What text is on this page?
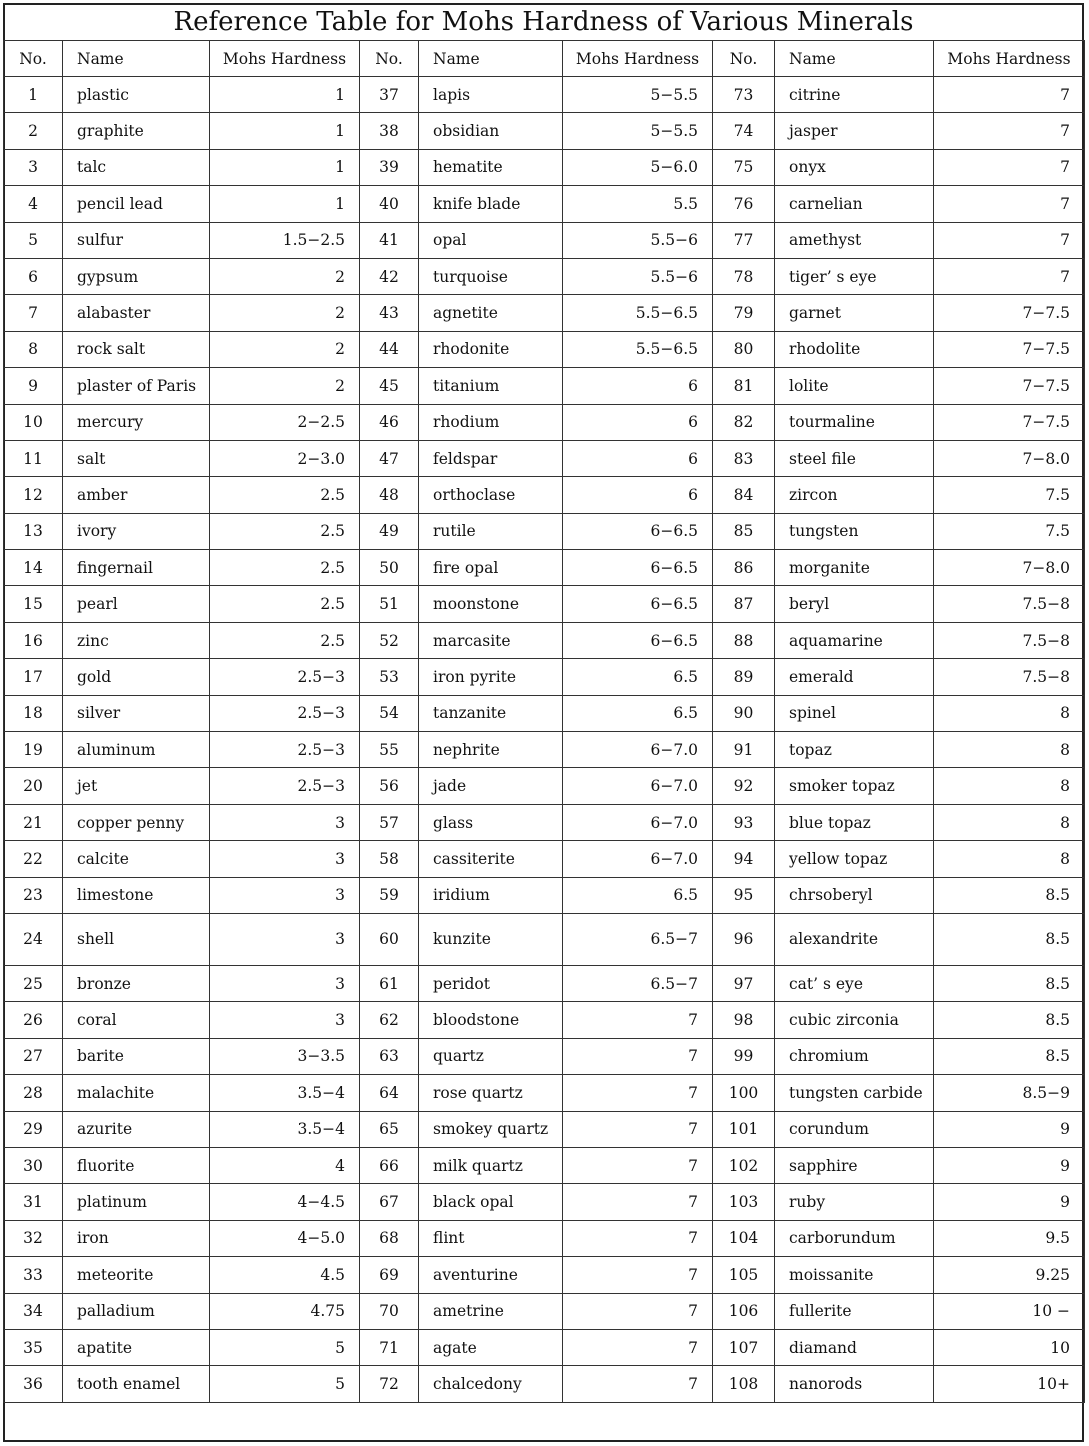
Reference Table for Mohs Hardness of Various Minerals
No.	Name	Mohs Hardness	No.	Name	Mohs Hardness	No.	Name	Mohs Hardness
1	plastic	1	37	lapis	5−5.5	73	citrine	7
2	graphite	1	38	obsidian	5−5.5	74	jasper	7
3	talc	1	39	hematite	5−6.0	75	onyx	7
4	pencil lead	1	40	knife blade	5.5	76	carnelian	7
5	sulfur	1.5−2.5	41	opal	5.5−6	77	amethyst	7
6	gypsum	2	42	turquoise	5.5−6	78	tiger’ s eye	7
7	alabaster	2	43	agnetite	5.5−6.5	79	garnet	7−7.5
8	rock salt	2	44	rhodonite	5.5−6.5	80	rhodolite	7−7.5
9	plaster of Paris	2	45	titanium	6	81	lolite	7−7.5
10	mercury	2−2.5	46	rhodium	6	82	tourmaline	7−7.5
11	salt	2−3.0	47	feldspar	6	83	steel file	7−8.0
12	amber	2.5	48	orthoclase	6	84	zircon	7.5
13	ivory	2.5	49	rutile	6−6.5	85	tungsten	7.5
14	fingernail	2.5	50	fire opal	6−6.5	86	morganite	7−8.0
15	pearl	2.5	51	moonstone	6−6.5	87	beryl	7.5−8
16	zinc	2.5	52	marcasite	6−6.5	88	aquamarine	7.5−8
17	gold	2.5−3	53	iron pyrite	6.5	89	emerald	7.5−8
18	silver	2.5−3	54	tanzanite	6.5	90	spinel	8
19	aluminum	2.5−3	55	nephrite	6−7.0	91	topaz	8
20	jet	2.5−3	56	jade	6−7.0	92	smoker topaz	8
21	copper penny	3	57	glass	6−7.0	93	blue topaz	8
22	calcite	3	58	cassiterite	6−7.0	94	yellow topaz	8
23	limestone	3	59	iridium	6.5	95	chrsoberyl	8.5
24	shell	3	60	kunzite	6.5−7	96	alexandrite	8.5
25	bronze	3	61	peridot	6.5−7	97	cat’ s eye	8.5
26	coral	3	62	bloodstone	7	98	cubic zirconia	8.5
27	barite	3−3.5	63	quartz	7	99	chromium	8.5
28	malachite	3.5−4	64	rose quartz	7	100	tungsten carbide	8.5−9
29	azurite	3.5−4	65	smokey quartz	7	101	corundum	9
30	fluorite	4	66	milk quartz	7	102	sapphire	9
31	platinum	4−4.5	67	black opal	7	103	ruby	9
32	iron	4−5.0	68	flint	7	104	carborundum	9.5
33	meteorite	4.5	69	aventurine	7	105	moissanite	9.25
34	palladium	4.75	70	ametrine	7	106	fullerite	10 −
35	apatite	5	71	agate	7	107	diamand	10
36	tooth enamel	5	72	chalcedony	7	108	nanorods	10+
